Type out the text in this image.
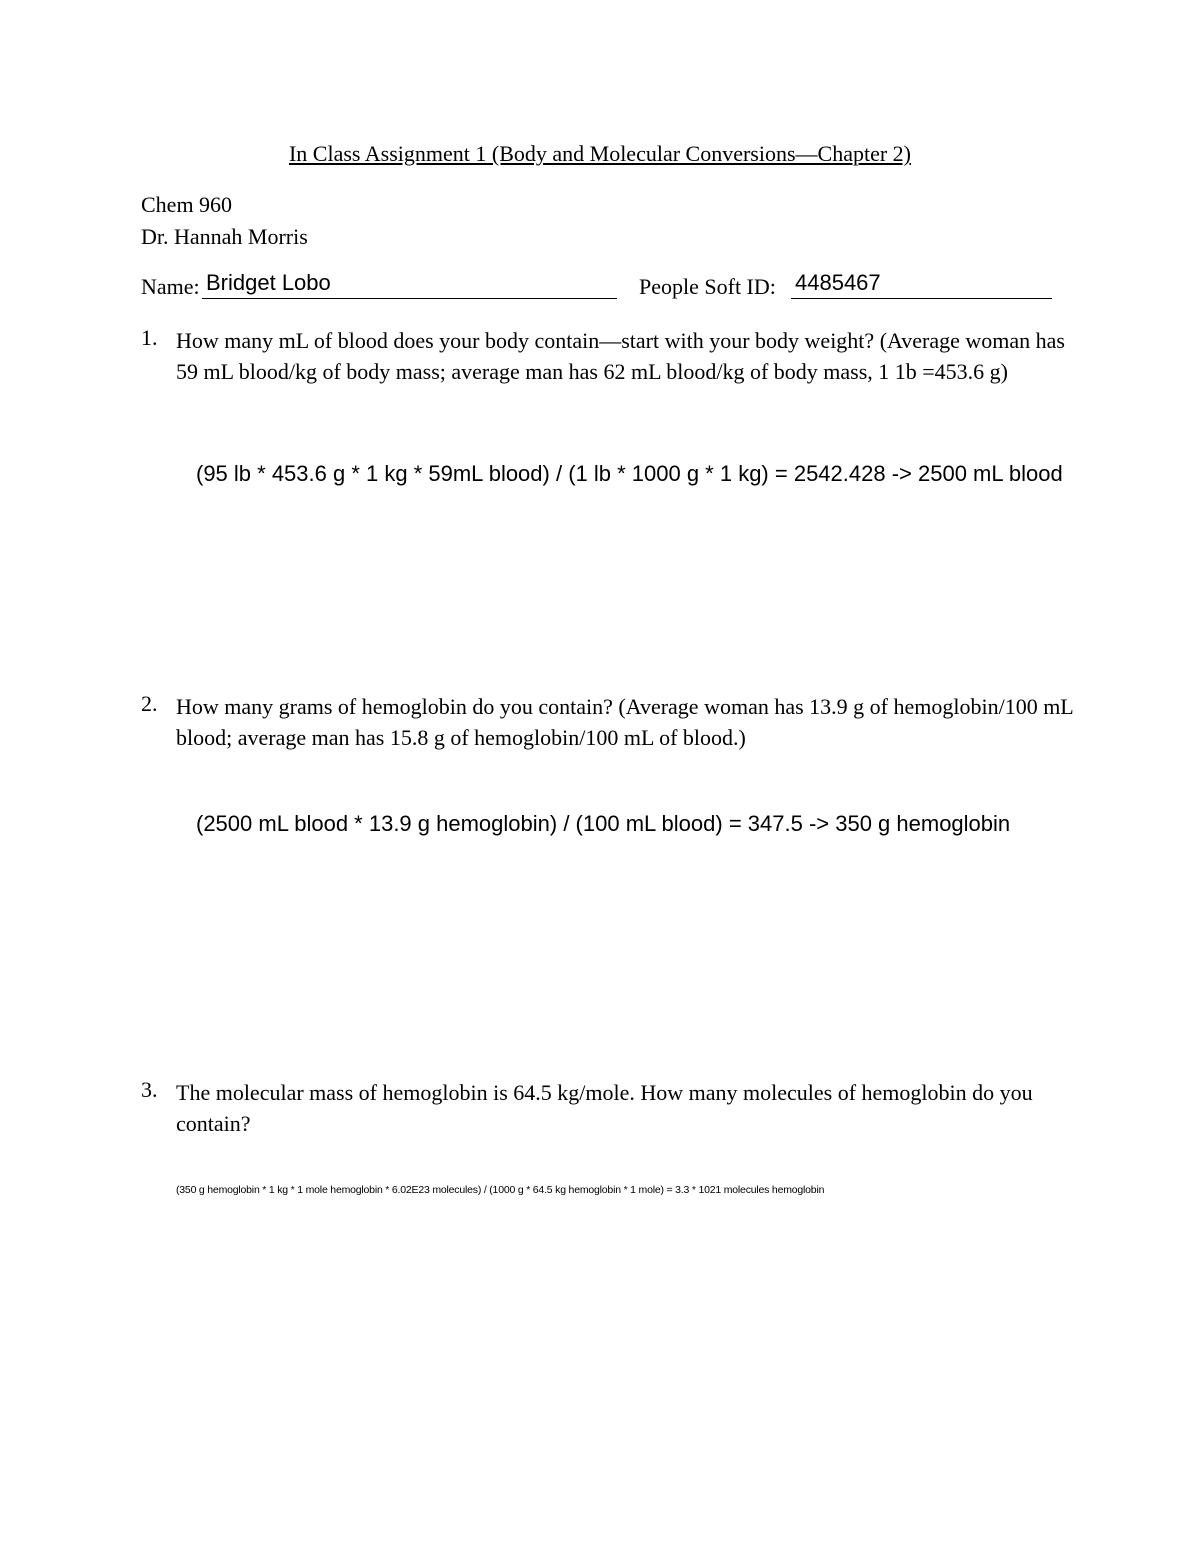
In Class Assignment 1 (Body and Molecular Conversions—Chapter 2)
Chem 960
Dr. Hannah Morris
Name: Bridget Lobo	People Soft ID: 4485467
1. How many mL of blood does your body contain—start with your body weight? (Average woman has 59 mL blood/kg of body mass; average man has 62 mL blood/kg of body mass, 1 1b =453.6 g)
(95 lb * 453.6 g * 1 kg * 59mL blood) / (1 lb * 1000 g * 1 kg) = 2542.428 -> 2500 mL blood
2. How many grams of hemoglobin do you contain? (Average woman has 13.9 g of hemoglobin/100 mL blood; average man has 15.8 g of hemoglobin/100 mL of blood.)
(2500 mL blood * 13.9 g hemoglobin) / (100 mL blood) = 347.5 -> 350 g hemoglobin
3. The molecular mass of hemoglobin is 64.5 kg/mole. How many molecules of hemoglobin do you contain?
(350 g hemoglobin * 1 kg * 1 mole hemoglobin * 6.02E23 molecules) / (1000 g * 64.5 kg hemoglobin * 1 mole) = 3.3 * 1021 molecules hemoglobin
